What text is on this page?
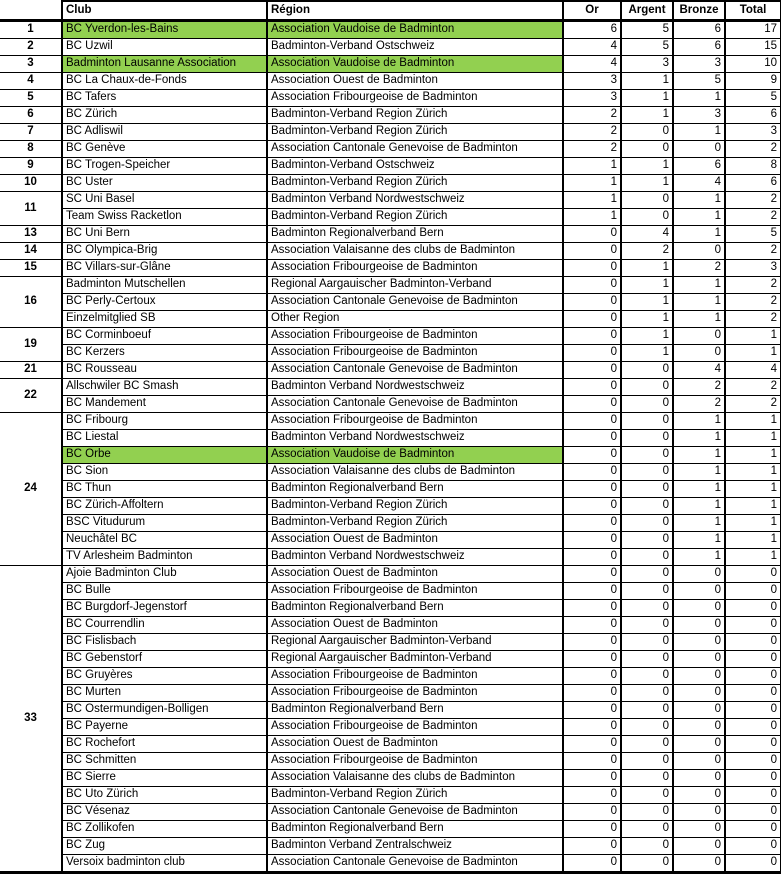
	Club	Région	Or	Argent	Bronze	Total
1	BC Yverdon-les-Bains	Association Vaudoise de Badminton	6	5	6	17
2	BC Uzwil	Badminton-Verband Ostschweiz	4	5	6	15
3	Badminton Lausanne Association	Association Vaudoise de Badminton	4	3	3	10
4	BC La Chaux-de-Fonds	Association Ouest de Badminton	3	1	5	9
5	BC Tafers	Association Fribourgeoise de Badminton	3	1	1	5
6	BC Zürich	Badminton-Verband Region Zürich	2	1	3	6
7	BC Adliswil	Badminton-Verband Region Zürich	2	0	1	3
8	BC Genève	Association Cantonale Genevoise de Badminton	2	0	0	2
9	BC Trogen-Speicher	Badminton-Verband Ostschweiz	1	1	6	8
10	BC Uster	Badminton-Verband Region Zürich	1	1	4	6
11	SC Uni Basel	Badminton Verband Nordwestschweiz	1	0	1	2
	Team Swiss Racketlon	Badminton-Verband Region Zürich	1	0	1	2
13	BC Uni Bern	Badminton Regionalverband Bern	0	4	1	5
14	BC Olympica-Brig	Association Valaisanne des clubs de Badminton	0	2	0	2
15	BC Villars-sur-Glâne	Association Fribourgeoise de Badminton	0	1	2	3
16	Badminton Mutschellen	Regional Aargauischer Badminton-Verband	0	1	1	2
	BC Perly-Certoux	Association Cantonale Genevoise de Badminton	0	1	1	2
	Einzelmitglied SB	Other Region	0	1	1	2
19	BC Corminboeuf	Association Fribourgeoise de Badminton	0	1	0	1
	BC Kerzers	Association Fribourgeoise de Badminton	0	1	0	1
21	BC Rousseau	Association Cantonale Genevoise de Badminton	0	0	4	4
22	Allschwiler BC Smash	Badminton Verband Nordwestschweiz	0	0	2	2
	BC Mandement	Association Cantonale Genevoise de Badminton	0	0	2	2
24	BC Fribourg	Association Fribourgeoise de Badminton	0	0	1	1
	BC Liestal	Badminton Verband Nordwestschweiz	0	0	1	1
	BC Orbe	Association Vaudoise de Badminton	0	0	1	1
	BC Sion	Association Valaisanne des clubs de Badminton	0	0	1	1
	BC Thun	Badminton Regionalverband Bern	0	0	1	1
	BC Zürich-Affoltern	Badminton-Verband Region Zürich	0	0	1	1
	BSC Vitudurum	Badminton-Verband Region Zürich	0	0	1	1
	Neuchâtel BC	Association Ouest de Badminton	0	0	1	1
	TV Arlesheim Badminton	Badminton Verband Nordwestschweiz	0	0	1	1
33	Ajoie Badminton Club	Association Ouest de Badminton	0	0	0	0
	BC Bulle	Association Fribourgeoise de Badminton	0	0	0	0
	BC Burgdorf-Jegenstorf	Badminton Regionalverband Bern	0	0	0	0
	BC Courrendlin	Association Ouest de Badminton	0	0	0	0
	BC Fislisbach	Regional Aargauischer Badminton-Verband	0	0	0	0
	BC Gebenstorf	Regional Aargauischer Badminton-Verband	0	0	0	0
	BC Gruyères	Association Fribourgeoise de Badminton	0	0	0	0
	BC Murten	Association Fribourgeoise de Badminton	0	0	0	0
	BC Ostermundigen-Bolligen	Badminton Regionalverband Bern	0	0	0	0
	BC Payerne	Association Fribourgeoise de Badminton	0	0	0	0
	BC Rochefort	Association Ouest de Badminton	0	0	0	0
	BC Schmitten	Association Fribourgeoise de Badminton	0	0	0	0
	BC Sierre	Association Valaisanne des clubs de Badminton	0	0	0	0
	BC Uto Zürich	Badminton-Verband Region Zürich	0	0	0	0
	BC Vésenaz	Association Cantonale Genevoise de Badminton	0	0	0	0
	BC Zollikofen	Badminton Regionalverband Bern	0	0	0	0
	BC Zug	Badminton Verband Zentralschweiz	0	0	0	0
	Versoix badminton club	Association Cantonale Genevoise de Badminton	0	0	0	0
